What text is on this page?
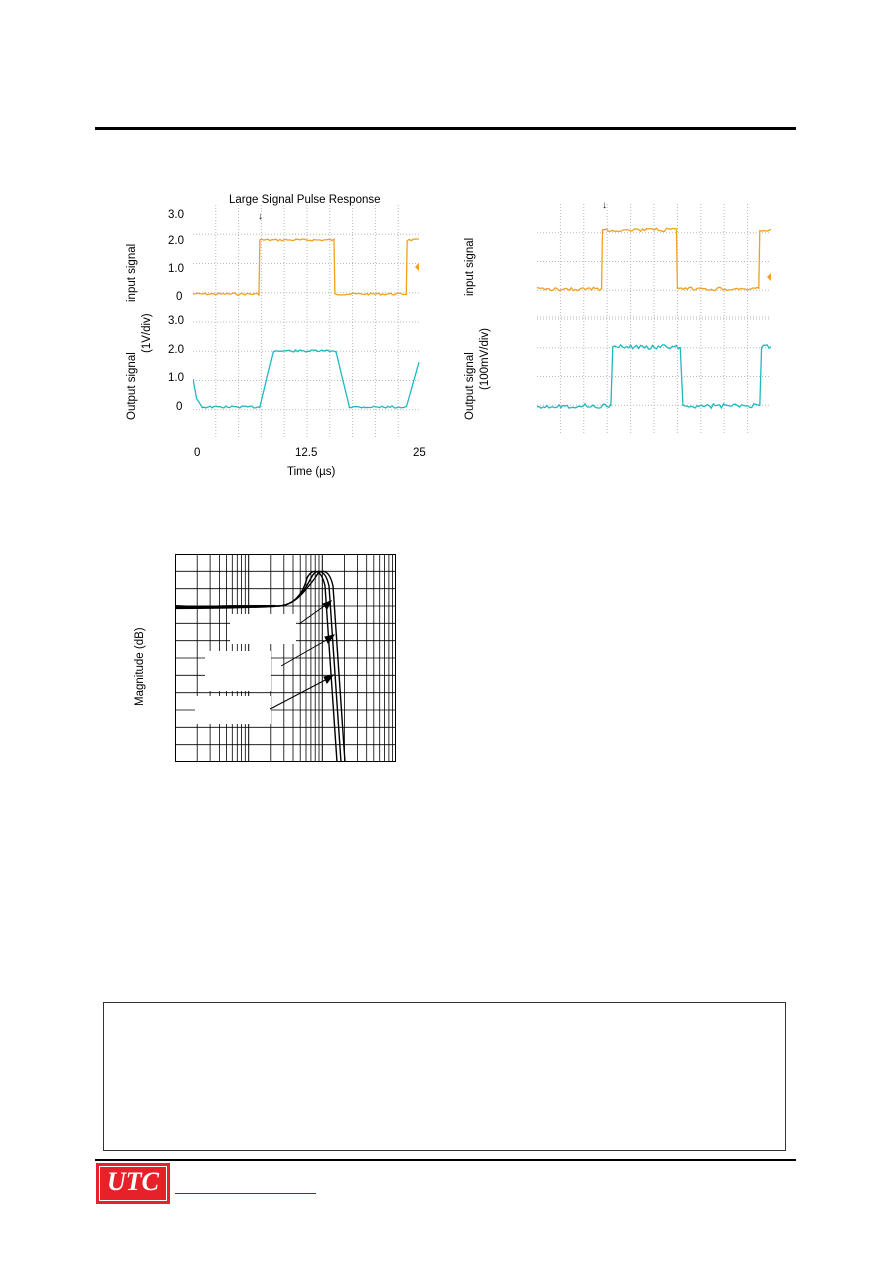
Large Signal Pulse Response
↓
3.0
2.0
1.0
0
3.0
2.0
1.0
0
input signal
Output signal
(1V/div)
0	12.5	25
Time (µs)
↓
input signal
Output signal (100mV/div)
Magnitude (dB)
UTC
